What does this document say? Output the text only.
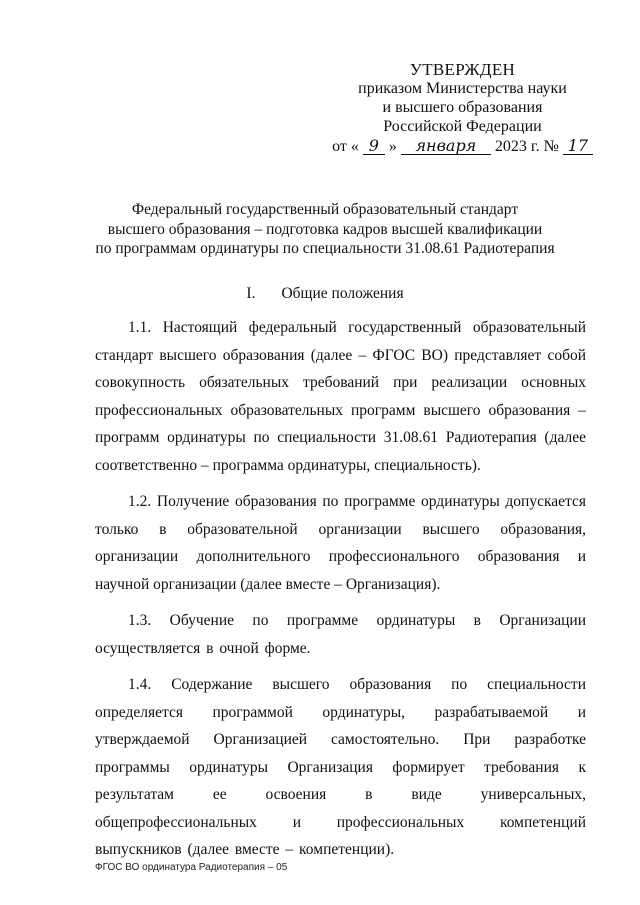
УТВЕРЖДЕН
приказом Министерства науки
и высшего образования
Российской Федерации
от « 9 » января 2023 г. № 17
Федеральный государственный образовательный стандарт
высшего образования – подготовка кадров высшей квалификации
по программам ординатуры по специальности 31.08.61 Радиотерапия
I. Общие положения

1.1. Настоящий федеральный государственный образовательный стандарт высшего образования (далее – ФГОС ВО) представляет собой совокупность обязательных требований при реализации основных профессиональных образовательных программ высшего образования – программ ординатуры по специальности 31.08.61 Радиотерапия (далее соответственно – программа ординатуры, специальность).

1.2. Получение образования по программе ординатуры допускается только в образовательной организации высшего образования, организации дополнительного профессионального образования и научной организации (далее вместе – Организация).

1.3. Обучение по программе ординатуры в Организации осуществляется в очной форме.

1.4. Содержание высшего образования по специальности определяется программой ординатуры, разрабатываемой и утверждаемой Организацией самостоятельно. При разработке программы ординатуры Организация формирует требования к результатам ее освоения в виде универсальных, общепрофессиональных и профессиональных компетенций выпускников (далее вместе – компетенции).

ФГОС ВО ординатура Радиотерапия – 05
